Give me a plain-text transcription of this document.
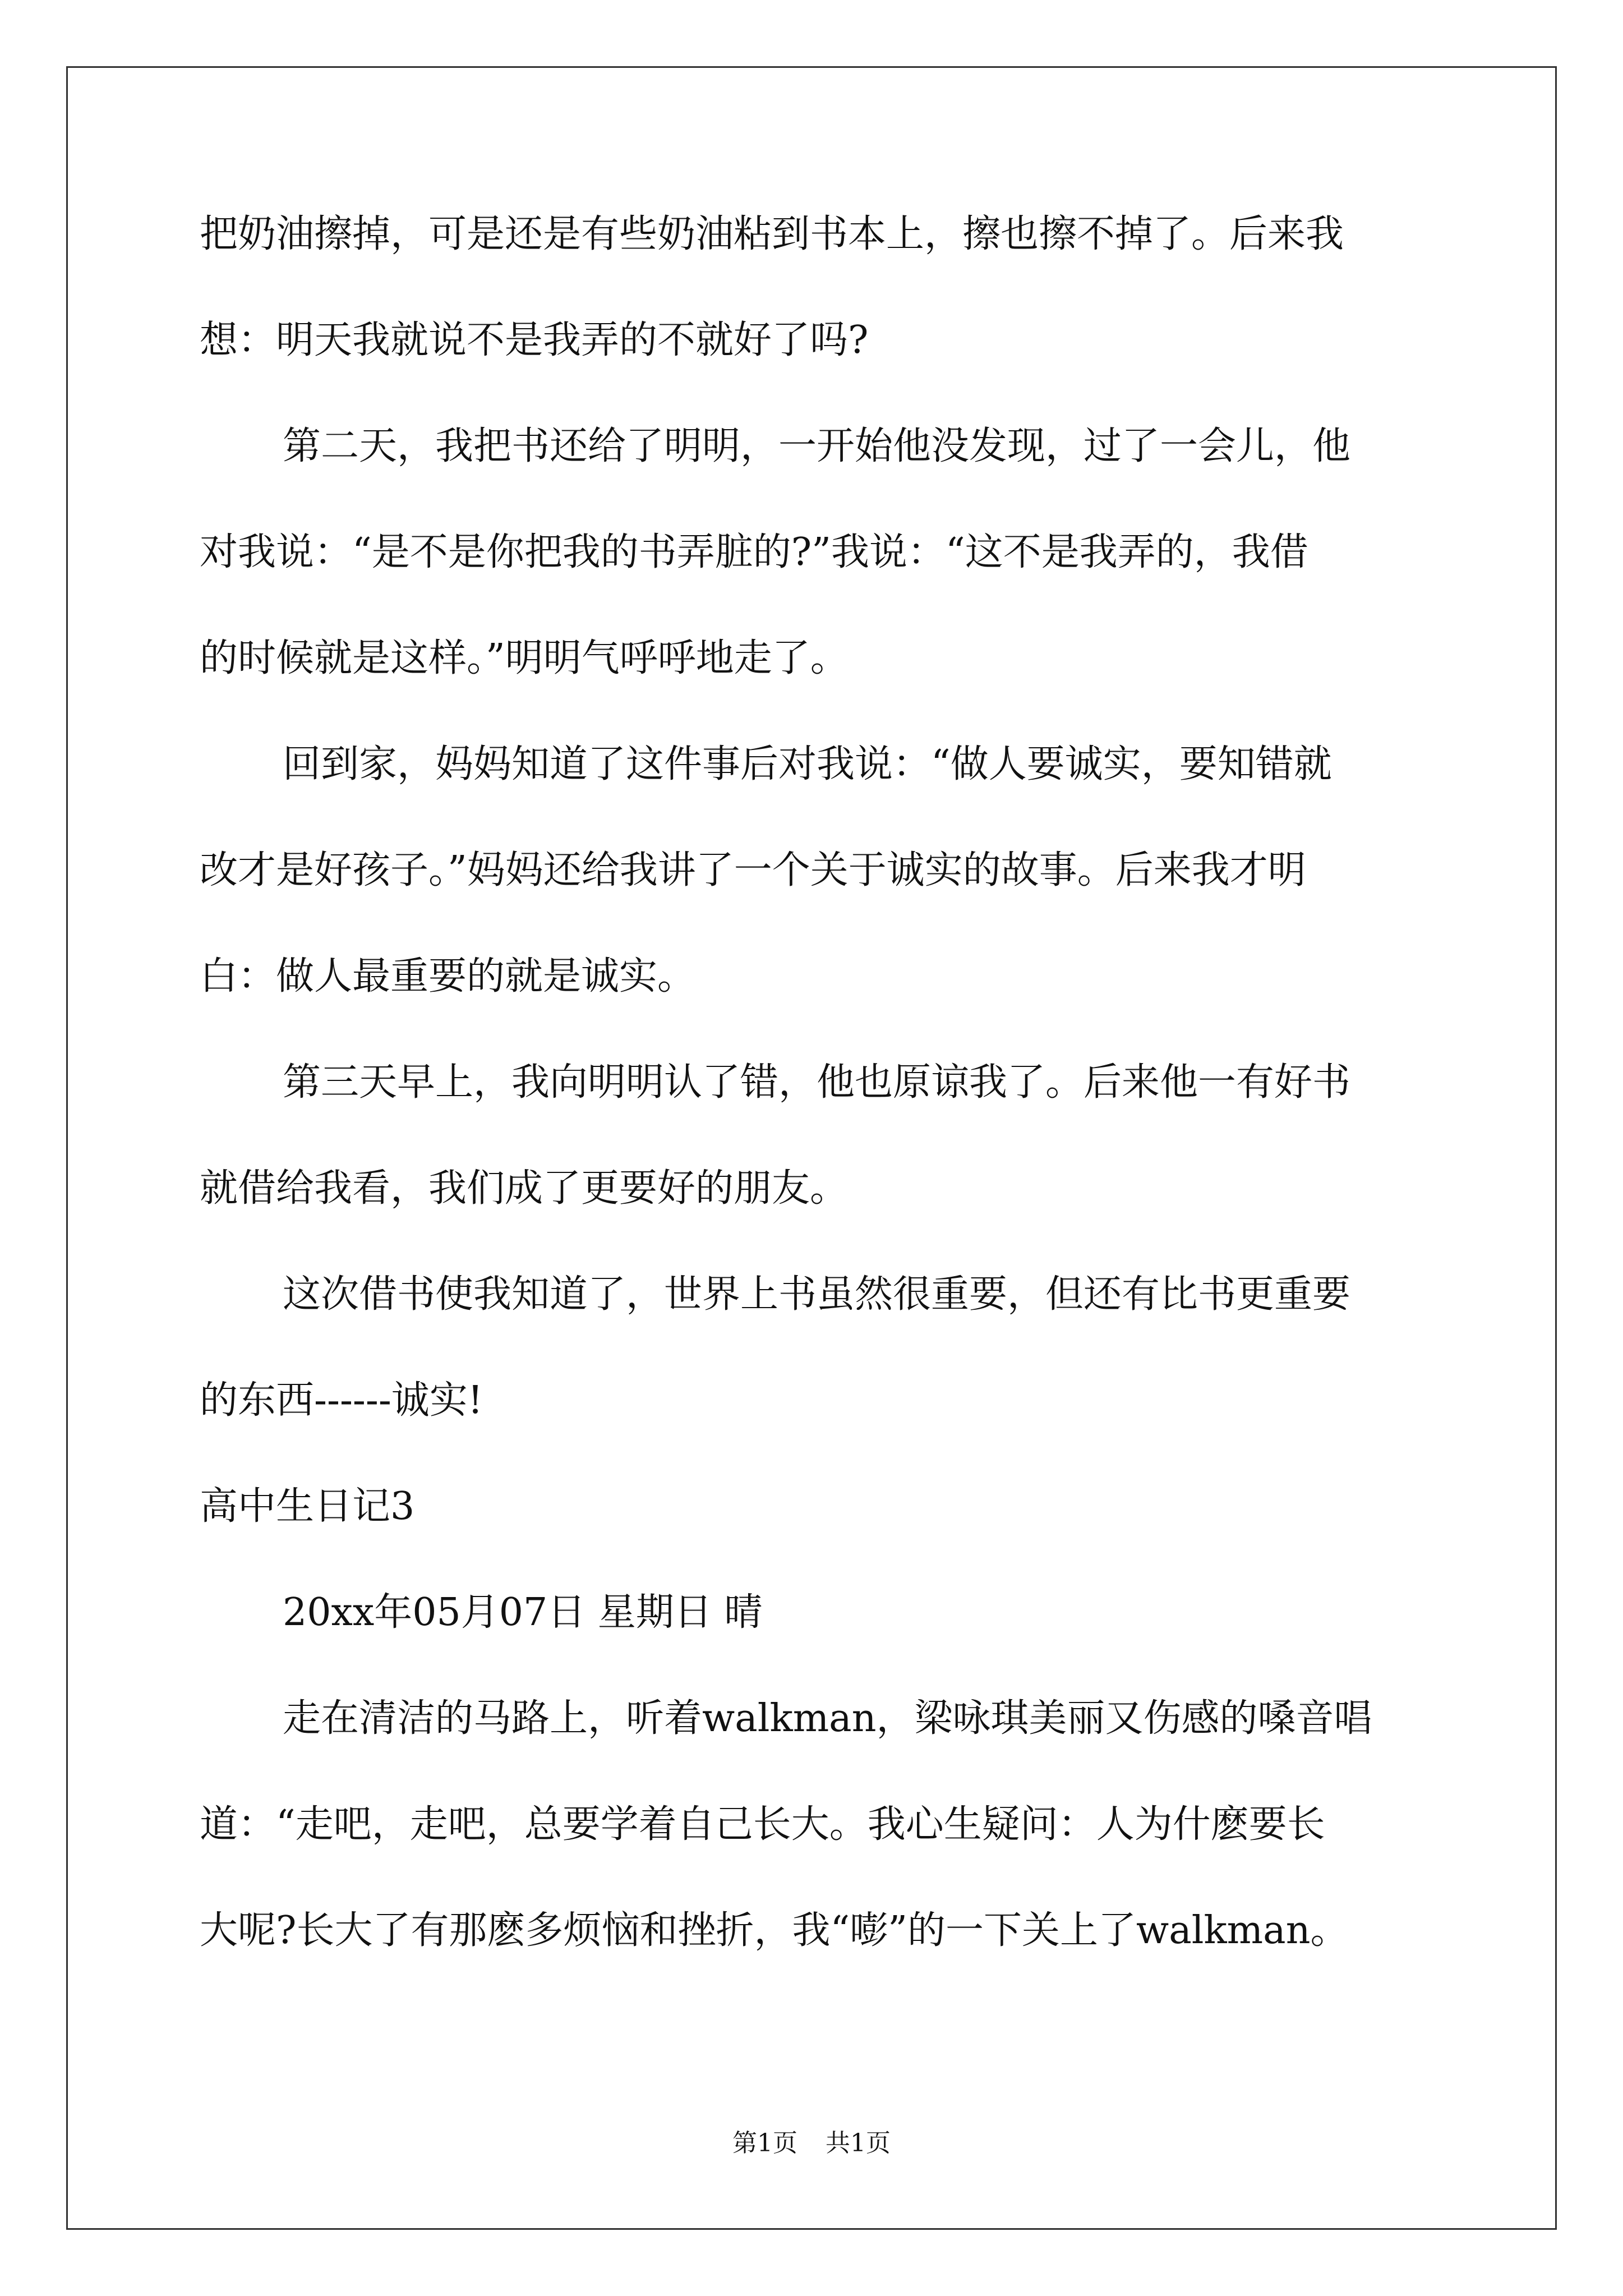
把奶油擦掉，可是还是有些奶油粘到书本上，擦也擦不掉了。后来我
想：明天我就说不是我弄的不就好了吗?
第二天，我把书还给了明明，一开始他没发现，过了一会儿，他
对我说：“是不是你把我的书弄脏的?”我说：“这不是我弄的，我借
的时候就是这样。”明明气呼呼地走了。
回到家，妈妈知道了这件事后对我说：“做人要诚实，要知错就
改才是好孩子。”妈妈还给我讲了一个关于诚实的故事。后来我才明
白：做人最重要的就是诚实。
第三天早上，我向明明认了错，他也原谅我了。后来他一有好书
就借给我看，我们成了更要好的朋友。
这次借书使我知道了，世界上书虽然很重要，但还有比书更重要
的东西------诚实!
高中生日记3
20xx年05月07日 星期日 晴
走在清洁的马路上，听着walkman，梁咏琪美丽又伤感的嗓音唱
道：“走吧，走吧，总要学着自己长大。我心生疑问：人为什麽要长
大呢?长大了有那麽多烦恼和挫折，我“嘭”的一下关上了walkman。
第1页 共1页
